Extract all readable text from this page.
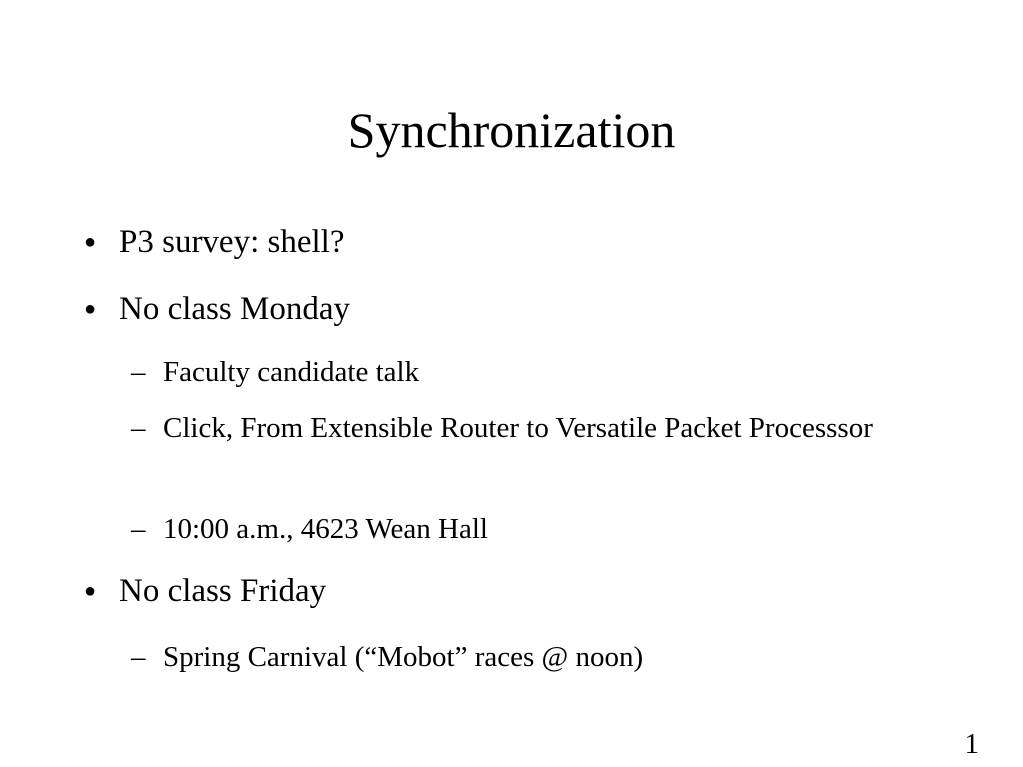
Synchronization
● P3 survey: shell?
● No class Monday
– Faculty candidate talk
– Click, From Extensible Router to Versatile Packet Processsor
– 10:00 a.m., 4623 Wean Hall
● No class Friday
– Spring Carnival (“Mobot” races @ noon)
1
